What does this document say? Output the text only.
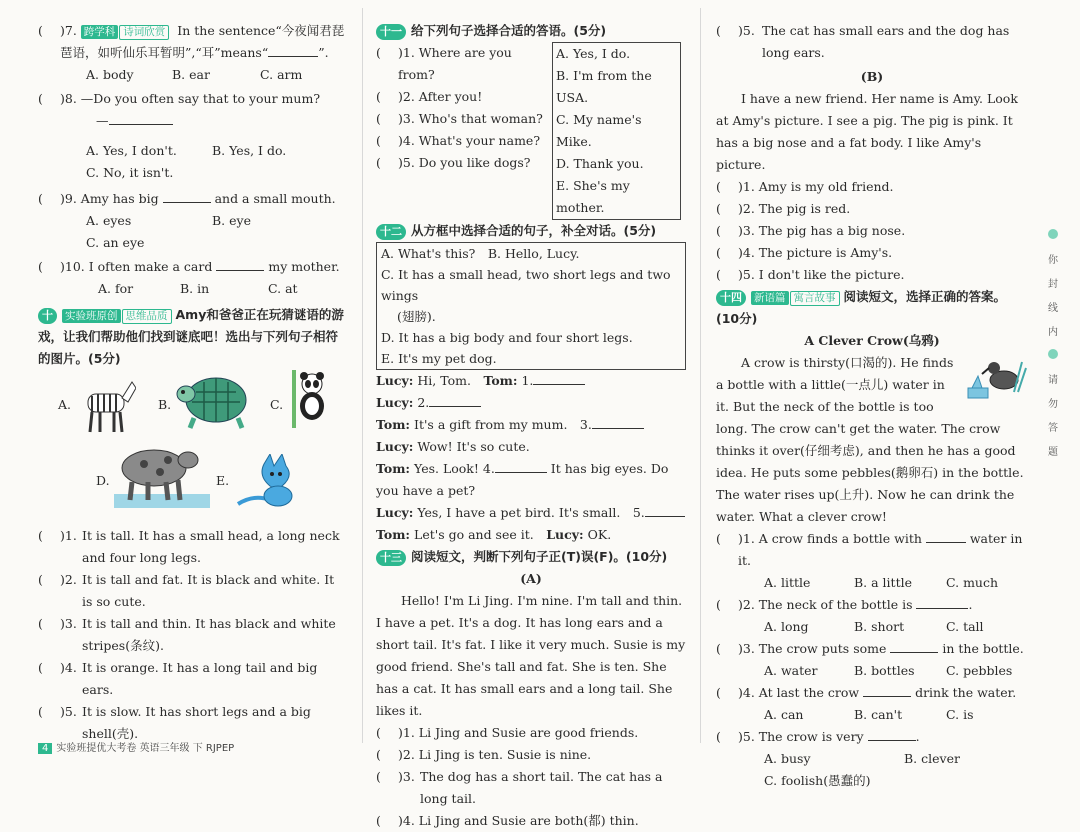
( )7. 跨学科 诗词欣赏 In the sentence“今夜闻君琵琶语，如听仙乐耳暂明”,“耳”means“	”.
A. body	B. ear	C. arm
( )8. —Do you often say that to your mum?
—
A. Yes, I don't.	B. Yes, I do.
C. No, it isn't.
( )9. Amy has big	and a small mouth.
A. eyes	B. eye
C. an eye
( )10. I often make a card	my mother.
A. for	B. in	C. at
十 实验班原创 思维品质 Amy和爸爸正在玩猜谜语的游戏，让我们帮助他们找到谜底吧！选出与下列句子相符的图片。(5分)
A.	B.	C.
D.	E.
( )1. It is tall. It has a small head, a long neck and four long legs.
( )2. It is tall and fat. It is black and white. It is so cute.
( )3. It is tall and thin. It has black and white stripes(条纹).
( )4. It is orange. It has a long tail and big ears.
( )5. It is slow. It has short legs and a big shell(壳).
十一 给下列句子选择合适的答语。(5分)
( )1. Where are you from?
( )2. After you!
( )3. Who's that woman?
( )4. What's your name?
( )5. Do you like dogs?
A. Yes, I do.
B. I'm from the USA.
C. My name's Mike.
D. Thank you.
E. She's my mother.
十二 从方框中选择合适的句子，补全对话。(5分)
A. What's this?　B. Hello, Lucy.
C. It has a small head, two short legs and two wings
(翅膀).
D. It has a big body and four short legs.
E. It's my pet dog.
Lucy: Hi, Tom.　 Tom: 1.
Lucy: 2.
Tom: It's a gift from my mum.　3.
Lucy: Wow! It's so cute.
Tom: Yes. Look! 4.	It has big eyes. Do you have a pet?
Lucy: Yes, I have a pet bird. It's small.　5.
Tom: Let's go and see it.　 Lucy: OK.
十三 阅读短文，判断下列句子正(T)误(F)。(10分)
(A)
Hello! I'm Li Jing. I'm nine. I'm tall and thin. I have a pet. It's a dog. It has long ears and a short tail. It's fat. I like it very much. Susie is my good friend. She's tall and fat. She is ten. She has a cat. It has small ears and a long tail. She likes it.
( )1. Li Jing and Susie are good friends.
( )2. Li Jing is ten. Susie is nine.
( )3. The dog has a short tail. The cat has a long tail.
( )4. Li Jing and Susie are both(都) thin.
( )5. The cat has small ears and the dog has long ears.
(B)
I have a new friend. Her name is Amy. Look at Amy's picture. I see a pig. The pig is pink. It has a big nose and a fat body. I like Amy's picture.
( )1. Amy is my old friend.
( )2. The pig is red.
( )3. The pig has a big nose.
( )4. The picture is Amy's.
( )5. I don't like the picture.
十四 新语篇 寓言故事 阅读短文，选择正确的答案。(10分)
A Clever Crow(乌鸦)
A crow is thirsty(口渴的). He finds a bottle with a little(一点儿) water in it. But the neck of the bottle is too long. The crow can't get the water. The crow thinks it over(仔细考虑), and then he has a good idea. He puts some pebbles(鹅卵石) in the bottle. The water rises up(上升). Now he can drink the water. What a clever crow!
( )1. A crow finds a bottle with	water in it.
A. little	B. a little	C. much
( )2. The neck of the bottle is	.
A. long	B. short	C. tall
( )3. The crow puts some	in the bottle.
A. water	B. bottles	C. pebbles
( )4. At last the crow	drink the water.
A. can	B. can't	C. is
( )5. The crow is very	.
A. busy	B. clever
C. foolish(愚蠢的)
你
封
线
内
请
勿
答
题
4 实验班提优大考卷 英语三年级 下 RJPEP
